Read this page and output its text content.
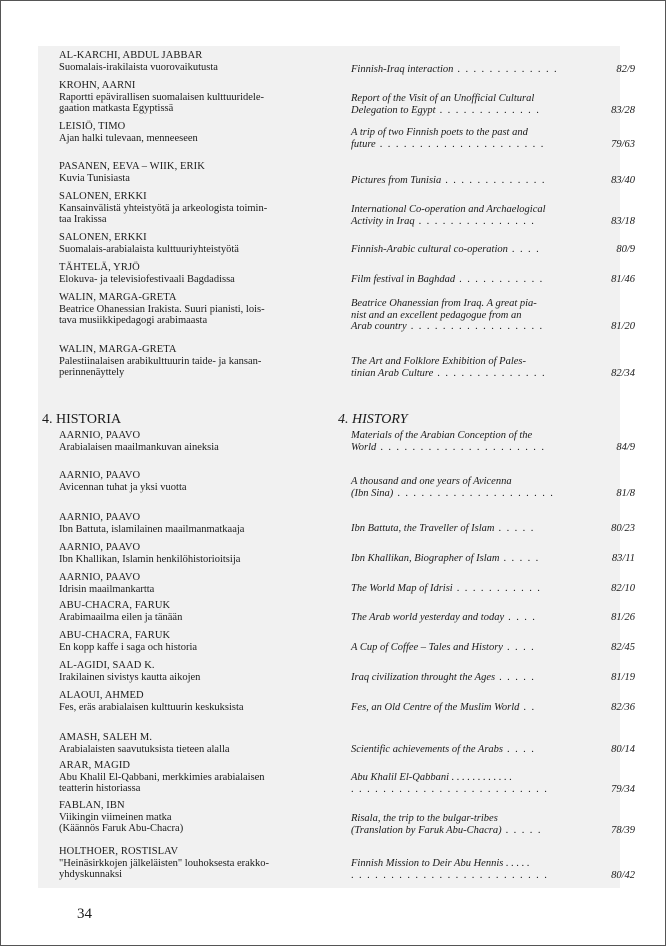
4. HISTORIA	4. HISTORY
AL-KARCHI, ABDUL JABBAR
Suomalais-irakilaista vuorovaikutusta	Finnish-Iraq interaction . . . . . . . . . . . . .	82/9
KROHN, AARNI
Raportti epävirallisen suomalaisen kulttuuridele-
gaation matkasta Egyptissä
Report of the Visit of an Unofficial Cultural
Delegation to Egypt . . . . . . . . . . . . .	83/28
LEISIÖ, TIMO
Ajan halki tulevaan, menneeseen	A trip of two Finnish poets to the past and
future . . . . . . . . . . . . . . . . . . . . .	79/63
PASANEN, EEVA – WIIK, ERIK
Kuvia Tunisiasta	Pictures from Tunisia . . . . . . . . . . . . .	83/40
SALONEN, ERKKI
Kansainvälistä yhteistyötä ja arkeologista toimin-
taa Irakissa
International Co-operation and Archaelogical
Activity in Iraq . . . . . . . . . . . . . . .	83/18
SALONEN, ERKKI
Suomalais-arabialaista kulttuuriyhteistyötä	Finnish-Arabic cultural co-operation . . . .	80/9
TÄHTELÄ, YRJÖ
Elokuva- ja televisiofestivaali Bagdadissa	Film festival in Baghdad . . . . . . . . . . .	81/46
WALIN, MARGA-GRETA
Beatrice Ohanessian Irakista. Suuri pianisti, lois-
tava musiikkipedagogi arabimaasta
Beatrice Ohanessian from Iraq. A great pia-
nist and an excellent pedagogue from an
Arab country . . . . . . . . . . . . . . . . .	81/20
WALIN, MARGA-GRETA
Palestiinalaisen arabikulttuurin taide- ja kansan-
perinnenäyttely
The Art and Folklore Exhibition of Pales-
tinian Arab Culture . . . . . . . . . . . . . .	82/34
AARNIO, PAAVO
Arabialaisen maailmankuvan aineksia
Materials of the Arabian Conception of the
World . . . . . . . . . . . . . . . . . . . . .	84/9
AARNIO, PAAVO
Avicennan tuhat ja yksi vuotta	A thousand and one years of Avicenna
(Ibn Sina) . . . . . . . . . . . . . . . . . . . .	81/8
AARNIO, PAAVO
Ibn Battuta, islamilainen maailmanmatkaaja	Ibn Battuta, the Traveller of Islam . . . . .	80/23
AARNIO, PAAVO
Ibn Khallikan, Islamin henkilöhistorioitsija	Ibn Khallikan, Biographer of Islam . . . . .	83/11
AARNIO, PAAVO
Idrisin maailmankartta	The World Map of Idrisi . . . . . . . . . . .	82/10
ABU-CHACRA, FARUK
Arabimaailma eilen ja tänään	The Arab world yesterday and today . . . .	81/26
ABU-CHACRA, FARUK
En kopp kaffe i saga och historia	A Cup of Coffee – Tales and History . . . .	82/45
AL-AGIDI, SAAD K.
Irakilainen sivistys kautta aikojen	Iraq civilization throught the Ages . . . . .	81/19
ALAOUI, AHMED
Fes, eräs arabialaisen kulttuurin keskuksista	Fes, an Old Centre of the Muslim World . .	82/36
AMASH, SALEH M.
Arabialaisten saavutuksista tieteen alalla	Scientific achievements of the Arabs . . . .	80/14
ARAR, MAGID
Abu Khalil El-Qabbani, merkkimies arabialaisen
teatterin historiassa
Abu Khalil El-Qabbani . . . . . . . . . . . .
. . . . . . . . . . . . . . . . . . . . . . . . .	79/34
FABLAN, IBN
Viikingin viimeinen matka
(Käännös Faruk Abu-Chacra)
Risala, the trip to the bulgar-tribes
(Translation by Faruk Abu-Chacra) . . . . .	78/39
HOLTHOER, ROSTISLAV
"Heinäsirkkojen jälkeläisten" louhoksesta erakko-
yhdyskunnaksi
Finnish Mission to Deir Abu Hennis . . . . .
. . . . . . . . . . . . . . . . . . . . . . . . .	80/42
34
